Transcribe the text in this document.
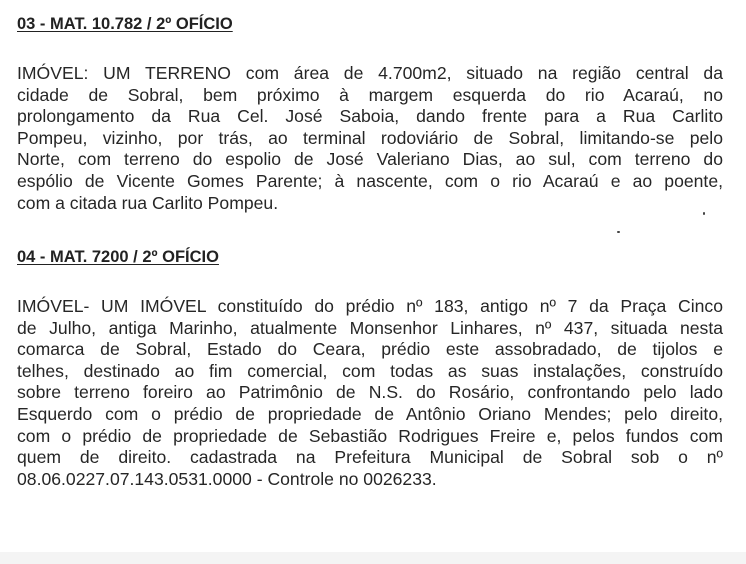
03 - MAT. 10.782 / 2º OFÍCIO
IMÓVEL: UM TERRENO com área de 4.700m2, situado na região central da
cidade de Sobral, bem próximo à margem esquerda do rio Acaraú, no
prolongamento da Rua Cel. José Saboia, dando frente para a Rua Carlito
Pompeu, vizinho, por trás, ao terminal rodoviário de Sobral, limitando-se pelo
Norte, com terreno do espolio de José Valeriano Dias, ao sul, com terreno do
espólio de Vicente Gomes Parente; à nascente, com o rio Acaraú e ao poente,
com a citada rua Carlito Pompeu.
04 - MAT. 7200 / 2º OFÍCIO
IMÓVEL- UM IMÓVEL constituído do prédio nº 183, antigo nº 7 da Praça Cinco
de Julho, antiga Marinho, atualmente Monsenhor Linhares, nº 437, situada nesta
comarca de Sobral, Estado do Ceara, prédio este assobradado, de tijolos e
telhes, destinado ao fim comercial, com todas as suas instalações, construído
sobre terreno foreiro ao Patrimônio de N.S. do Rosário, confrontando pelo lado
Esquerdo com o prédio de propriedade de Antônio Oriano Mendes; pelo direito,
com o prédio de propriedade de Sebastião Rodrigues Freire e, pelos fundos com
quem de direito. cadastrada na Prefeitura Municipal de Sobral sob o nº
08.06.0227.07.143.0531.0000 - Controle no 0026233.
